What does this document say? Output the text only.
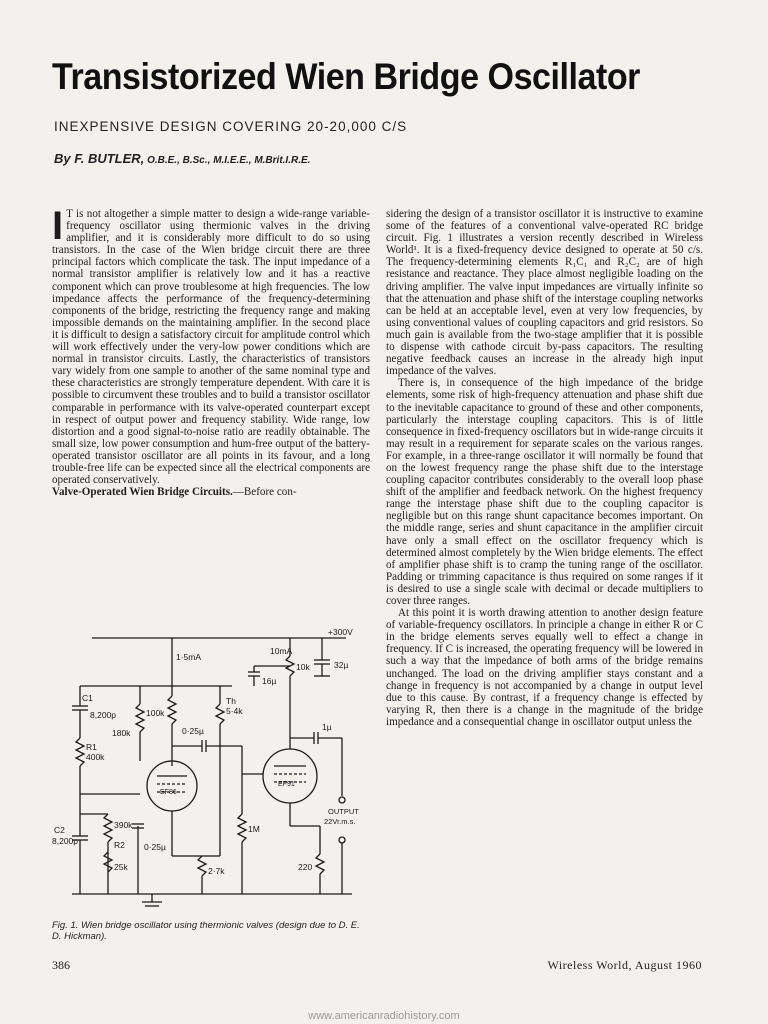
Transistorized Wien Bridge Oscillator
INEXPENSIVE DESIGN COVERING 20-20,000 C/S
By F. BUTLER, O.B.E., B.Sc., M.I.E.E., M.Brit.I.R.E.

I T is not altogether a simple matter to design a wide-range variable-frequency oscillator using thermionic valves in the driving amplifier, and it is considerably more difficult to do so using transistors. In the case of the Wien bridge circuit there are three principal factors which complicate the task. The input impedance of a normal transistor amplifier is relatively low and it has a reactive component which can prove troublesome at high frequencies. The low impedance affects the performance of the frequency-determining components of the bridge, restricting the frequency range and making impossible demands on the maintaining amplifier. In the second place it is difficult to design a satisfactory circuit for amplitude control which will work effectively under the very-low power conditions which are normal in transistor circuits. Lastly, the characteristics of transistors vary widely from one sample to another of the same nominal type and these characteristics are strongly temperature dependent. With care it is possible to circumvent these troubles and to build a transistor oscillator comparable in performance with its valve-operated counterpart except in respect of output power and frequency stability. Wide range, low distortion and a good signal-to-noise ratio are readily obtainable. The small size, low power consumption and hum-free output of the battery-operated transistor oscillator are all points in its favour, and a long trouble-free life can be expected since all the electrical components are operated conservatively.

Valve-Operated Wien Bridge Circuits.—Before con-

sidering the design of a transistor oscillator it is instructive to examine some of the features of a conventional valve-operated RC bridge circuit. Fig. 1 illustrates a version recently described in Wireless World¹. It is a fixed-frequency device designed to operate at 50 c/s. The frequency-determining elements R₁C₁ and R₂C₂ are of high resistance and reactance. They place almost negligible loading on the driving amplifier. The valve input impedances are virtually infinite so that the attenuation and phase shift of the interstage coupling networks can be held at an acceptable level, even at very low frequencies, by using conventional values of coupling capacitors and grid resistors. So much gain is available from the two-stage amplifier that it is possible to dispense with cathode circuit by-pass capacitors. The resulting negative feedback causes an increase in the already high input impedance of the valves.

There is, in consequence of the high impedance of the bridge elements, some risk of high-frequency attenuation and phase shift due to the inevitable capacitance to ground of these and other components, particularly the interstage coupling capacitors. This is of little consequence in fixed-frequency oscillators but in wide-range circuits it may result in a requirement for separate scales on the various ranges. For example, in a three-range oscillator it will normally be found that on the lowest frequency range the phase shift due to the interstage coupling capacitor contributes considerably to the overall loop phase shift of the amplifier and feedback network. On the highest frequency range the interstage phase shift due to the coupling capacitor is negligible but on this range shunt capacitance becomes important. On the middle range, series and shunt capacitance in the amplifier circuit have only a small effect on the oscillator frequency which is determined almost completely by the Wien bridge elements. The effect of amplifier phase shift is to cramp the tuning range of the oscillator. Padding or trimming capacitance is thus required on some ranges if it is desired to use a single scale with decimal or decade multipliers to cover three ranges.

At this point it is worth drawing attention to another design feature of variable-frequency oscillators. In principle a change in either R or C in the bridge elements serves equally well to effect a change in frequency. If C is increased, the operating frequency will be lowered in such a way that the impedance of both arms of the bridge remains unchanged. The load on the driving amplifier stays constant and a change in frequency is not accompanied by a change in output level due to this cause. By contrast, if a frequency change is effected by varying R, then there is a change in the magnitude of the bridge impedance and a consequential change in oscillator output unless the

+300V
1·5mA
10mA
10k	32µ
16µ
C1
8,200p	100k
Th
5·4k
180k	0·25µ	1µ
R1
400k
EF86
EF91
OUTPUT
22Vr.m.s.
C2
8,200p
390k
R2 0·25µ
1M
25k	2·7k	220
Fig. 1. Wien bridge oscillator using thermionic valves (design due to D. E. D. Hickman).
386	Wireless World, August 1960
www.americanradiohistory.com
